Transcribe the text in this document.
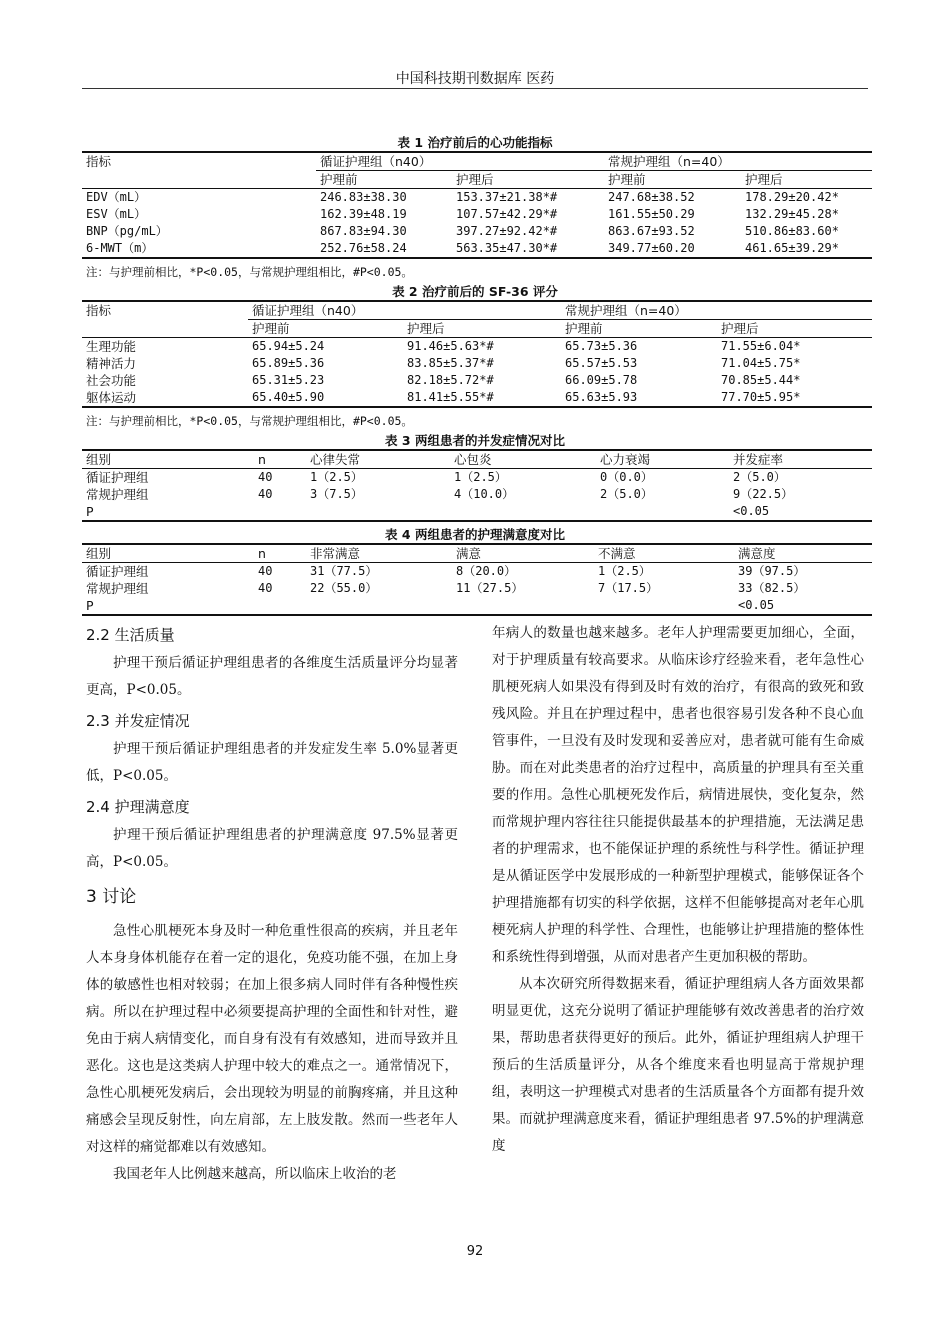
中国科技期刊数据库 医药
表 1 治疗前后的心功能指标
指标	循证护理组（n40）		常规护理组（n=40）	
	护理前	护理后	护理前	护理后
EDV（mL）	246.83±38.30	153.37±21.38*#	247.68±38.52	178.29±20.42*
ESV（mL）	162.39±48.19	107.57±42.29*#	161.55±50.29	132.29±45.28*
BNP（pg/mL）	867.83±94.30	397.27±92.42*#	863.67±93.52	510.86±83.60*
6-MWT（m）	252.76±58.24	563.35±47.30*#	349.77±60.20	461.65±39.29*
注：与护理前相比，*P<0.05，与常规护理组相比，#P<0.05。
表 2 治疗前后的 SF-36 评分
指标	循证护理组（n40）		常规护理组（n=40）	
	护理前	护理后	护理前	护理后
生理功能	65.94±5.24	91.46±5.63*#	65.73±5.36	71.55±6.04*
精神活力	65.89±5.36	83.85±5.37*#	65.57±5.53	71.04±5.75*
社会功能	65.31±5.23	82.18±5.72*#	66.09±5.78	70.85±5.44*
躯体运动	65.40±5.90	81.41±5.55*#	65.63±5.93	77.70±5.95*
注：与护理前相比，*P<0.05，与常规护理组相比，#P<0.05。
表 3 两组患者的并发症情况对比
组别	n	心律失常	心包炎	心力衰竭	并发症率
循证护理组	40	1（2.5）	1（2.5）	0（0.0）	2（5.0）
常规护理组	40	3（7.5）	4（10.0）	2（5.0）	9（22.5）
P					<0.05
表 4 两组患者的护理满意度对比
组别	n	非常满意	满意	不满意	满意度
循证护理组	40	31（77.5）	8（20.0）	1（2.5）	39（97.5）
常规护理组	40	22（55.0）	11（27.5）	7（17.5）	33（82.5）
P					<0.05
2.2 生活质量

护理干预后循证护理组患者的各维度生活质量评分均显著更高，P<0.05。

2.3 并发症情况

护理干预后循证护理组患者的并发症发生率 5.0%显著更低，P<0.05。

2.4 护理满意度

护理干预后循证护理组患者的护理满意度 97.5%显著更高，P<0.05。

3 讨论

急性心肌梗死本身及时一种危重性很高的疾病，并且老年人本身身体机能存在着一定的退化，免疫功能不强，在加上身体的敏感性也相对较弱；在加上很多病人同时伴有各种慢性疾病。所以在护理过程中必须要提高护理的全面性和针对性，避免由于病人病情变化，而自身有没有有效感知，进而导致并且恶化。这也是这类病人护理中较大的难点之一。通常情况下，急性心肌梗死发病后，会出现较为明显的前胸疼痛，并且这种痛感会呈现反射性，向左肩部，左上肢发散。然而一些老年人对这样的痛觉都难以有效感知。

我国老年人比例越来越高，所以临床上收治的老

年病人的数量也越来越多。老年人护理需要更加细心，全面，对于护理质量有较高要求。从临床诊疗经验来看，老年急性心肌梗死病人如果没有得到及时有效的治疗，有很高的致死和致残风险。并且在护理过程中，患者也很容易引发各种不良心血管事件，一旦没有及时发现和妥善应对，患者就可能有生命威胁。而在对此类患者的治疗过程中，高质量的护理具有至关重要的作用。急性心肌梗死发作后，病情进展快，变化复杂，然而常规护理内容往往只能提供最基本的护理措施，无法满足患者的护理需求，也不能保证护理的系统性与科学性。循证护理是从循证医学中发展形成的一种新型护理模式，能够保证各个护理措施都有切实的科学依据，这样不但能够提高对老年心肌梗死病人护理的科学性、合理性，也能够让护理措施的整体性和系统性得到增强，从而对患者产生更加积极的帮助。

从本次研究所得数据来看，循证护理组病人各方面效果都明显更优，这充分说明了循证护理能够有效改善患者的治疗效果，帮助患者获得更好的预后。此外，循证护理组病人护理干预后的生活质量评分，从各个维度来看也明显高于常规护理组，表明这一护理模式对患者的生活质量各个方面都有提升效果。而就护理满意度来看，循证护理组患者 97.5%的护理满意度

92
